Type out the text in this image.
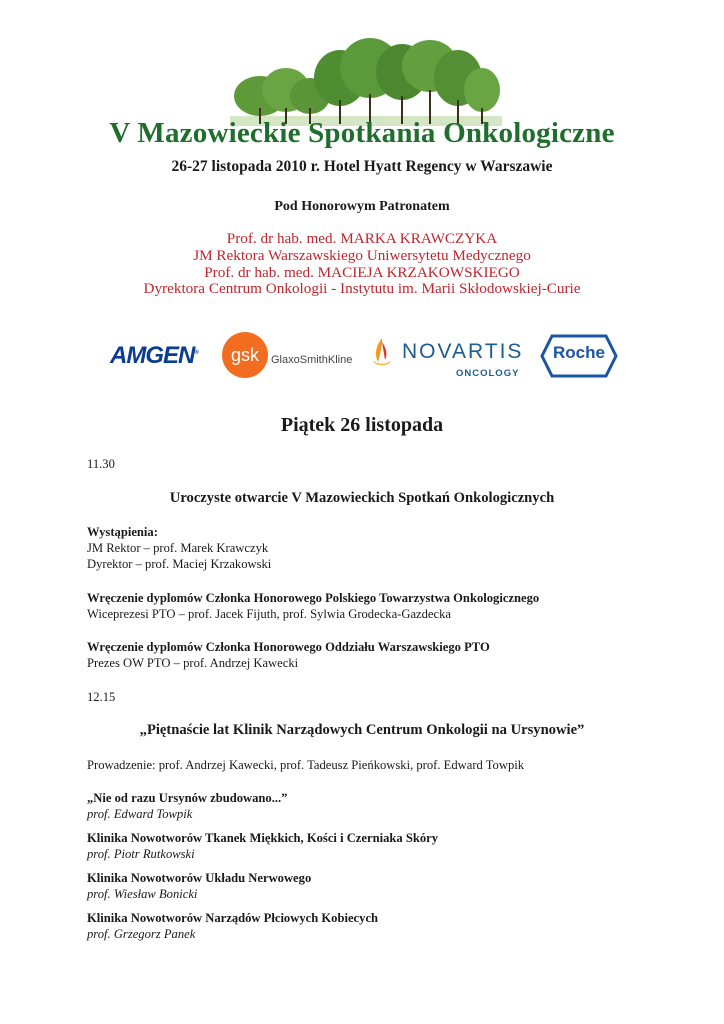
V Mazowieckie Spotkania Onkologiczne
26-27 listopada 2010 r. Hotel Hyatt Regency w Warszawie
Pod Honorowym Patronatem
Prof. dr hab. med. MARKA KRAWCZYKA
JM Rektora Warszawskiego Uniwersytetu Medycznego
Prof. dr hab. med. MACIEJA KRZAKOWSKIEGO
Dyrektora Centrum Onkologii - Instytutu im. Marii Skłodowskiej-Curie
AMGEN®	gsk	GlaxoSmithKline NOVARTIS
ONCOLOGY
Roche
Piątek 26 listopada
11.30
Uroczyste otwarcie V Mazowieckich Spotkań Onkologicznych
Wystąpienia:
JM Rektor – prof. Marek Krawczyk
Dyrektor – prof. Maciej Krzakowski
Wręczenie dyplomów Członka Honorowego Polskiego Towarzystwa Onkologicznego
Wiceprezesi PTO – prof. Jacek Fijuth, prof. Sylwia Grodecka-Gazdecka
Wręczenie dyplomów Członka Honorowego Oddziału Warszawskiego PTO
Prezes OW PTO – prof. Andrzej Kawecki
12.15
„Piętnaście lat Klinik Narządowych Centrum Onkologii na Ursynowie”
Prowadzenie: prof. Andrzej Kawecki, prof. Tadeusz Pieńkowski, prof. Edward Towpik
„Nie od razu Ursynów zbudowano...”
prof. Edward Towpik
Klinika Nowotworów Tkanek Miękkich, Kości i Czerniaka Skóry
prof. Piotr Rutkowski
Klinika Nowotworów Układu Nerwowego
prof. Wiesław Bonicki
Klinika Nowotworów Narządów Płciowych Kobiecych
prof. Grzegorz Panek
